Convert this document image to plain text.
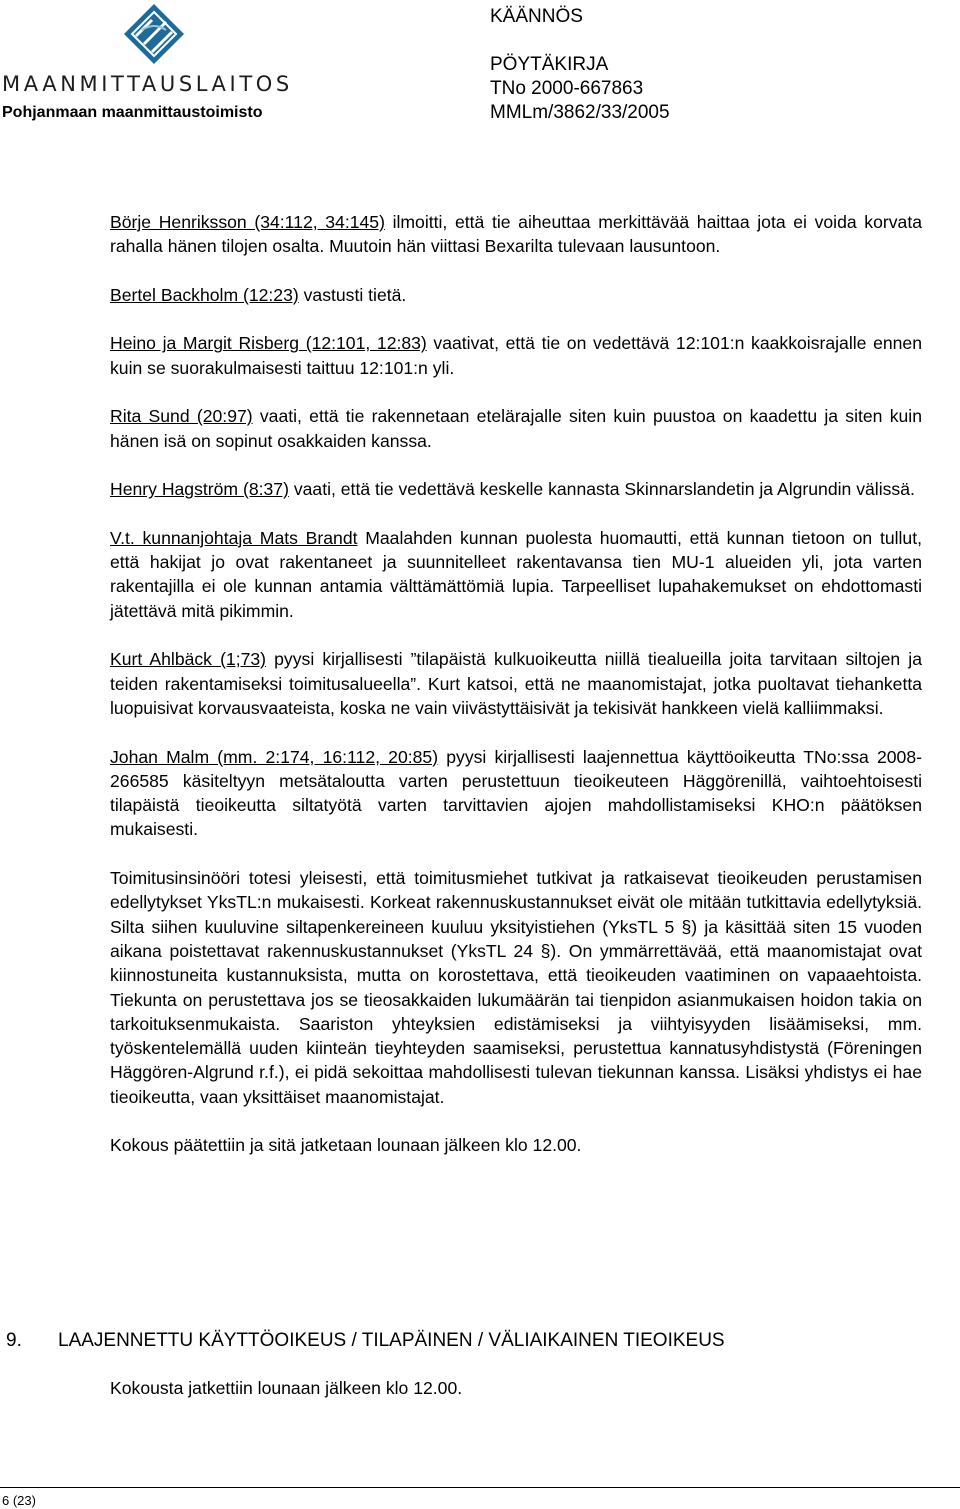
MAANMITTAUSLAITOS
Pohjanmaan maanmittaustoimisto
KÄÄNNÖS
PÖYTÄKIRJA
TNo 2000-667863
MMLm/3862/33/2005

Börje Henriksson (34:112, 34:145) ilmoitti, että tie aiheuttaa merkittävää haittaa jota ei voida korvata rahalla hänen tilojen osalta. Muutoin hän viittasi Bexarilta tulevaan lausuntoon.

Bertel Backholm (12:23) vastusti tietä.

Heino ja Margit Risberg (12:101, 12:83) vaativat, että tie on vedettävä 12:101:n kaakkoisrajalle ennen kuin se suorakulmaisesti taittuu 12:101:n yli.

Rita Sund (20:97) vaati, että tie rakennetaan etelärajalle siten kuin puustoa on kaadettu ja siten kuin hänen isä on sopinut osakkaiden kanssa.

Henry Hagström (8:37) vaati, että tie vedettävä keskelle kannasta Skinnarslandetin ja Algrundin välissä.

V.t. kunnanjohtaja Mats Brandt Maalahden kunnan puolesta huomautti, että kunnan tietoon on tullut, että hakijat jo ovat rakentaneet ja suunnitelleet rakentavansa tien MU-1 alueiden yli, jota varten rakentajilla ei ole kunnan antamia välttämättömiä lupia. Tarpeelliset lupahakemukset on ehdottomasti jätettävä mitä pikimmin.

Kurt Ahlbäck (1;73) pyysi kirjallisesti ”tilapäistä kulkuoikeutta niillä tiealueilla joita tarvitaan siltojen ja teiden rakentamiseksi toimitusalueella”. Kurt katsoi, että ne maanomistajat, jotka puoltavat tiehanketta luopuisivat korvausvaateista, koska ne vain viivästyttäisivät ja tekisivät hankkeen vielä kalliimmaksi.

Johan Malm (mm. 2:174, 16:112, 20:85) pyysi kirjallisesti laajennettua käyttöoikeutta TNo:ssa 2008-266585 käsiteltyyn metsätaloutta varten perustettuun tieoikeuteen Häggörenillä, vaihtoehtoisesti tilapäistä tieoikeutta siltatyötä varten tarvittavien ajojen mahdollistamiseksi KHO:n päätöksen mukaisesti.

Toimitusinsinööri totesi yleisesti, että toimitusmiehet tutkivat ja ratkaisevat tieoikeuden perustamisen edellytykset YksTL:n mukaisesti. Korkeat rakennuskustannukset eivät ole mitään tutkittavia edellytyksiä. Silta siihen kuuluvine siltapenkereineen kuuluu yksityistiehen (YksTL 5 §) ja käsittää siten 15 vuoden aikana poistettavat rakennuskustannukset (YksTL 24 §). On ymmärrettävää, että maanomistajat ovat kiinnostuneita kustannuksista, mutta on korostettava, että tieoikeuden vaatiminen on vapaaehtoista. Tiekunta on perustettava jos se tieosakkaiden lukumäärän tai tienpidon asianmukaisen hoidon takia on tarkoituksenmukaista. Saariston yhteyksien edistämiseksi ja viihtyisyyden lisäämiseksi, mm. työskentelemällä uuden kiinteän tieyhteyden saamiseksi, perustettua kannatusyhdistystä (Föreningen Häggören-Algrund r.f.), ei pidä sekoittaa mahdollisesti tulevan tiekunnan kanssa. Lisäksi yhdistys ei hae tieoikeutta, vaan yksittäiset maanomistajat.

Kokous päätettiin ja sitä jatketaan lounaan jälkeen klo 12.00.

9. LAAJENNETTU KÄYTTÖOIKEUS / TILAPÄINEN / VÄLIAIKAINEN TIEOIKEUS
Kokousta jatkettiin lounaan jälkeen klo 12.00.
6 (23)
